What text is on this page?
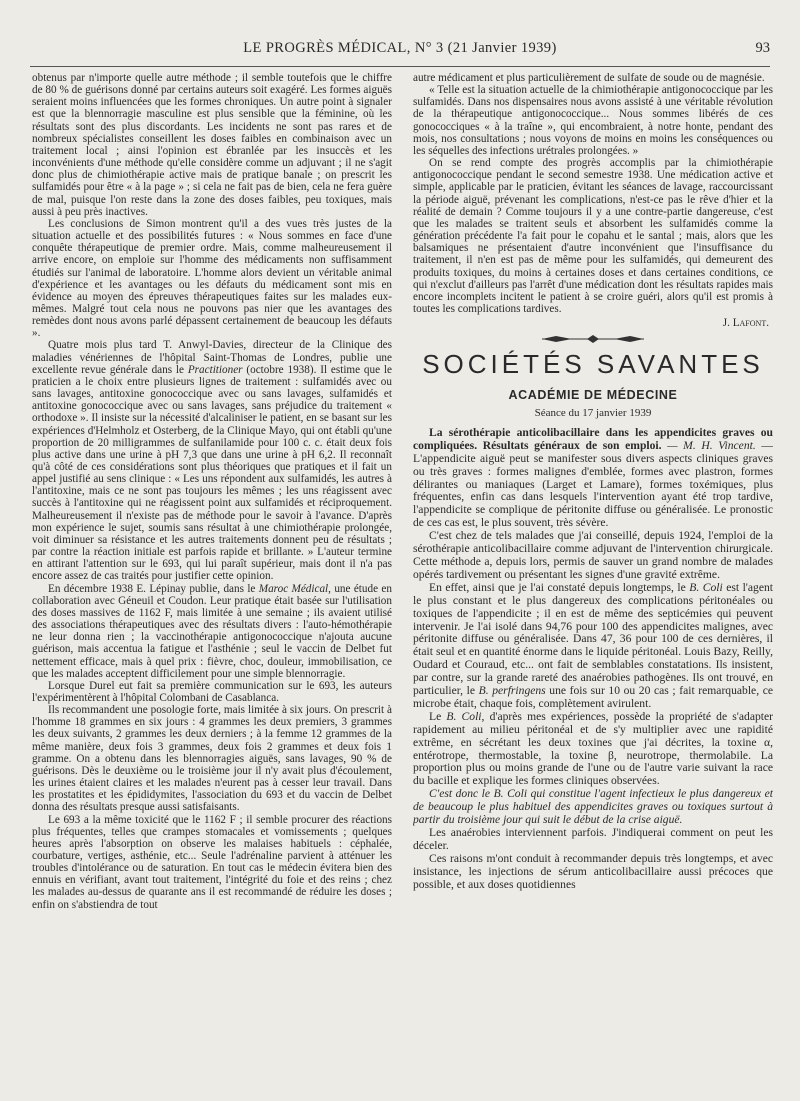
LE PROGRÈS MÉDICAL, N° 3 (21 Janvier 1939)	93

obtenus par n'importe quelle autre méthode ; il semble toutefois que le chiffre de 80 % de guérisons donné par certains auteurs soit exagéré. Les formes aiguës seraient moins influencées que les formes chroniques. Un autre point à signaler est que la blennorragie masculine est plus sensible que la féminine, où les résultats sont des plus discordants. Les incidents ne sont pas rares et de nombreux spécialistes conseillent les doses faibles en combinaison avec un traitement local ; ainsi l'opinion est ébranlée par les insuccès et les inconvénients d'une méthode qu'elle considère comme un adjuvant ; il ne s'agit donc plus de chimiothérapie active mais de pratique banale ; on prescrit les sulfamidés pour être « à la page » ; si cela ne fait pas de bien, cela ne fera guère de mal, puisque l'on reste dans la zone des doses faibles, peu toxiques, mais aussi à peu près inactives.

Les conclusions de Simon montrent qu'il a des vues très justes de la situation actuelle et des possibilités futures : « Nous sommes en face d'une conquête thérapeutique de premier ordre. Mais, comme malheureusement il arrive encore, on emploie sur l'homme des médicaments non suffisamment étudiés sur l'animal de laboratoire. L'homme alors devient un véritable animal d'expérience et les avantages ou les défauts du médicament sont mis en évidence au moyen des épreuves thérapeutiques faites sur les malades eux-mêmes. Malgré tout cela nous ne pouvons pas nier que les avantages des remèdes dont nous avons parlé dépassent certainement de beaucoup les défauts ».

Quatre mois plus tard T. Anwyl-Davies, directeur de la Clinique des maladies vénériennes de l'hôpital Saint-Thomas de Londres, publie une excellente revue générale dans le Practitioner (octobre 1938). Il estime que le praticien a le choix entre plusieurs lignes de traitement : sulfamidés avec ou sans lavages, antitoxine gonococcique avec ou sans lavages, sulfamidés et antitoxine gonococcique avec ou sans lavages, sans préjudice du traitement « orthodoxe ». Il insiste sur la nécessité d'alcaliniser le patient, en se basant sur les expériences d'Helmholz et Osterberg, de la Clinique Mayo, qui ont établi qu'une proportion de 20 milligrammes de sulfanilamide pour 100 c. c. était deux fois plus active dans une urine à pH 7,3 que dans une urine à pH 6,2. Il reconnaît qu'à côté de ces considérations sont plus théoriques que pratiques et il fait un appel justifié au sens clinique : « Les uns répondent aux sulfamidés, les autres à l'antitoxine, mais ce ne sont pas toujours les mêmes ; les uns réagissent avec succès à l'antitoxine qui ne réagissent point aux sulfamidés et réciproquement. Malheureusement il n'existe pas de méthode pour le savoir à l'avance. D'après mon expérience le sujet, soumis sans résultat à une chimiothérapie prolongée, voit diminuer sa résistance et les autres traitements donnent peu de résultats ; par contre la réaction initiale est parfois rapide et brillante. » L'auteur termine en attirant l'attention sur le 693, qui lui paraît supérieur, mais dont il n'a pas encore assez de cas traités pour justifier cette opinion.

En décembre 1938 E. Lépinay publie, dans le Maroc Médical, une étude en collaboration avec Géneuil et Coudon. Leur pratique était basée sur l'utilisation des doses massives de 1162 F, mais limitée à une semaine ; ils avaient utilisé des associations thérapeutiques avec des résultats divers : l'auto-hémothérapie ne leur donna rien ; la vaccinothérapie antigonococcique n'ajouta aucune guérison, mais accentua la fatigue et l'asthénie ; seul le vaccin de Delbet fut nettement efficace, mais à quel prix : fièvre, choc, douleur, immobilisation, ce que les malades acceptent difficilement pour une simple blennorragie.

Lorsque Durel eut fait sa première communication sur le 693, les auteurs l'expérimentèrent à l'hôpital Colombani de Casablanca.

Ils recommandent une posologie forte, mais limitée à six jours. On prescrit à l'homme 18 grammes en six jours : 4 grammes les deux premiers, 3 grammes les deux suivants, 2 grammes les deux derniers ; à la femme 12 grammes de la même manière, deux fois 3 grammes, deux fois 2 grammes et deux fois 1 gramme. On a obtenu dans les blennorragies aiguës, sans lavages, 90 % de guérisons. Dès le deuxième ou le troisième jour il n'y avait plus d'écoulement, les urines étaient claires et les malades n'eurent pas à cesser leur travail. Dans les prostatites et les épididymites, l'association du 693 et du vaccin de Delbet donna des résultats presque aussi satisfaisants.

Le 693 a la même toxicité que le 1162 F ; il semble procurer des réactions plus fréquentes, telles que crampes stomacales et vomissements ; quelques heures après l'absorption on observe les malaises habituels : céphalée, courbature, vertiges, asthénie, etc... Seule l'adrénaline parvient à atténuer les troubles d'intolérance ou de saturation. En tout cas le médecin évitera bien des ennuis en vérifiant, avant tout traitement, l'intégrité du foie et des reins ; chez les malades au-dessus de quarante ans il est recommandé de réduire les doses ; enfin on s'abstiendra de tout

autre médicament et plus particulièrement de sulfate de soude ou de magnésie.

« Telle est la situation actuelle de la chimiothérapie antigonococcique par les sulfamidés. Dans nos dispensaires nous avons assisté à une véritable révolution de la thérapeutique antigonococcique... Nous sommes libérés de ces gonococciques « à la traîne », qui encombraient, à notre honte, pendant des mois, nos consultations ; nous voyons de moins en moins les conséquences ou les séquelles des infections urétrales prolongées. »

On se rend compte des progrès accomplis par la chimiothérapie antigonococcique pendant le second semestre 1938. Une médication active et simple, applicable par le praticien, évitant les séances de lavage, raccourcissant la période aiguë, prévenant les complications, n'est-ce pas le rêve d'hier et la réalité de demain ? Comme toujours il y a une contre-partie dangereuse, c'est que les malades se traitent seuls et absorbent les sulfamidés comme la génération précédente l'a fait pour le copahu et le santal ; mais, alors que les balsamiques ne présentaient d'autre inconvénient que l'insuffisance du traitement, il n'en est pas de même pour les sulfamidés, qui demeurent des produits toxiques, du moins à certaines doses et dans certaines conditions, ce qui n'exclut d'ailleurs pas l'arrêt d'une médication dont les résultats rapides mais encore incomplets incitent le patient à se croire guéri, alors qu'il est promis à toutes les complications tardives.

J. Lafont.
SOCIÉTÉS SAVANTES
ACADÉMIE DE MÉDECINE
Séance du 17 janvier 1939

La sérothérapie anticolibacillaire dans les appendicites graves ou compliquées. Résultats généraux de son emploi. — M. H. Vincent. — L'appendicite aiguë peut se manifester sous divers aspects cliniques graves ou très graves : formes malignes d'emblée, formes avec plastron, formes délirantes ou maniaques (Larget et Lamare), formes toxémiques, plus fréquentes, enfin cas dans lesquels l'intervention ayant été trop tardive, l'appendicite se complique de péritonite diffuse ou généralisée. Le pronostic de ces cas est, le plus souvent, très sévère.

C'est chez de tels malades que j'ai conseillé, depuis 1924, l'emploi de la sérothérapie anticolibacillaire comme adjuvant de l'intervention chirurgicale. Cette méthode a, depuis lors, permis de sauver un grand nombre de malades opérés tardivement ou présentant les signes d'une gravité extrême.

En effet, ainsi que je l'ai constaté depuis longtemps, le B. Coli est l'agent le plus constant et le plus dangereux des complications péritonéales ou toxiques de l'appendicite ; il en est de même des septicémies qui peuvent intervenir. Je l'ai isolé dans 94,76 pour 100 des appendicites malignes, avec péritonite diffuse ou généralisée. Dans 47, 36 pour 100 de ces dernières, il était seul et en quantité énorme dans le liquide péritonéal. Louis Bazy, Reilly, Oudard et Couraud, etc... ont fait de semblables constatations. Ils insistent, par contre, sur la grande rareté des anaérobies pathogènes. Ils ont trouvé, en particulier, le B. perfringens une fois sur 10 ou 20 cas ; fait remarquable, ce microbe était, chaque fois, complètement avirulent.

Le B. Coli, d'après mes expériences, possède la propriété de s'adapter rapidement au milieu péritonéal et de s'y multiplier avec une rapidité extrême, en sécrétant les deux toxines que j'ai décrites, la toxine α, entérotrope, thermostable, la toxine β, neurotrope, thermolabile. La proportion plus ou moins grande de l'une ou de l'autre varie suivant la race du bacille et explique les formes cliniques observées.

C'est donc le B. Coli qui constitue l'agent infectieux le plus dangereux et de beaucoup le plus habituel des appendicites graves ou toxiques surtout à partir du troisième jour qui suit le début de la crise aiguë.

Les anaérobies interviennent parfois. J'indiquerai comment on peut les déceler.

Ces raisons m'ont conduit à recommander depuis très longtemps, et avec insistance, les injections de sérum anticolibacillaire aussi précoces que possible, et aux doses quotidiennes
